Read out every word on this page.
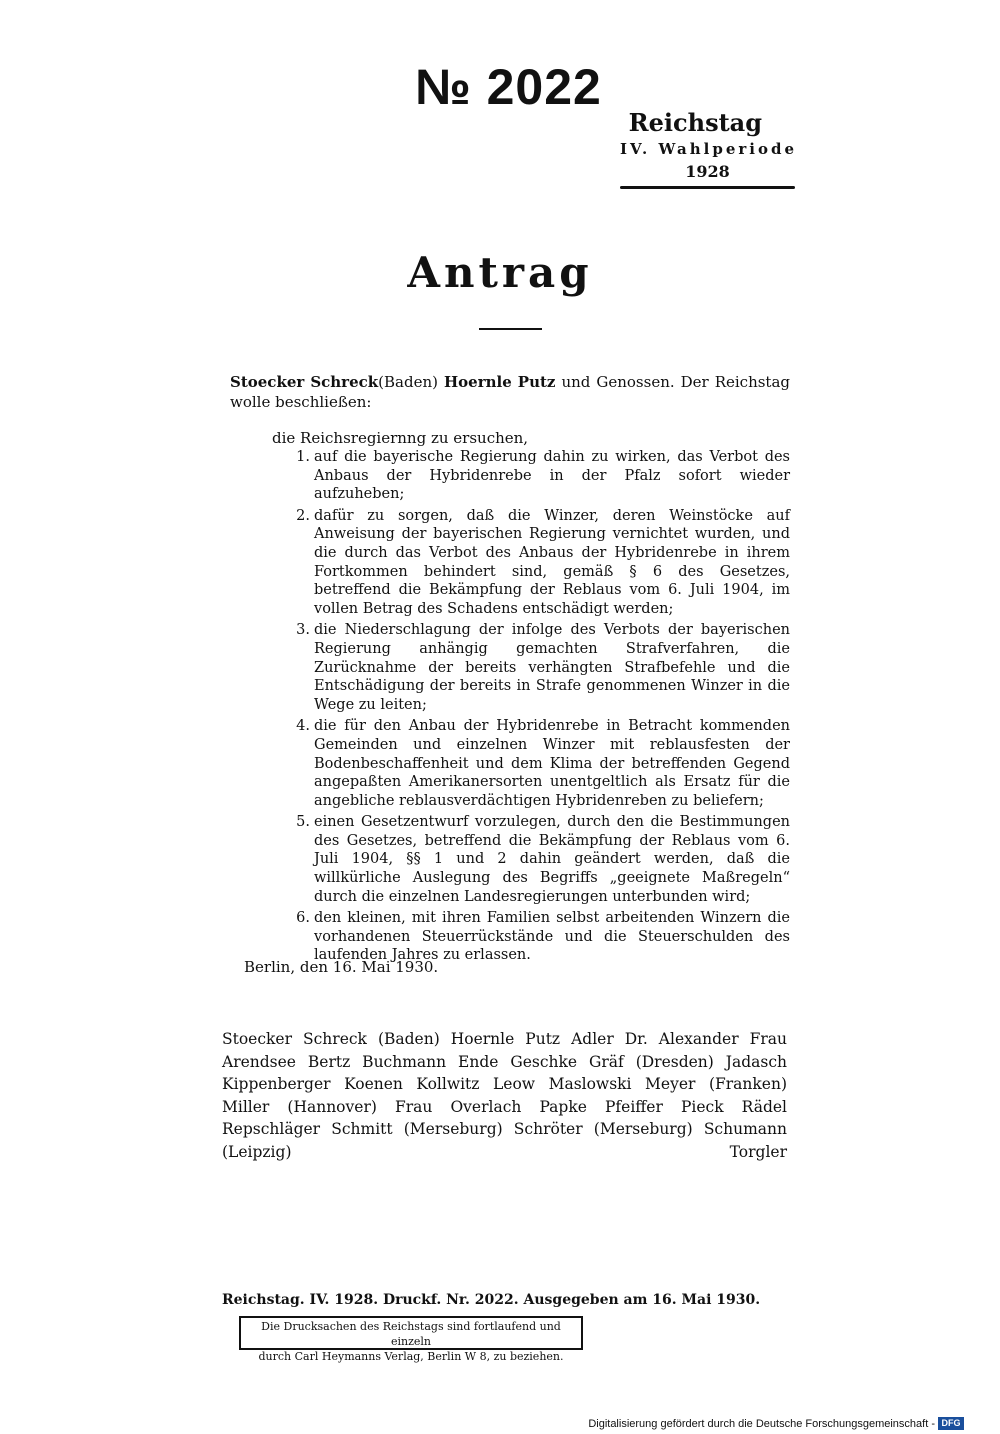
№ 2022
Reichstag
IV. Wahlperiode
1928
Antrag
Stoecker Schreck(Baden) Hoernle Putz und Genossen. Der Reichstag wolle beschließen:
die Reichsregiernng zu ersuchen,
1. auf die bayerische Regierung dahin zu wirken, das Verbot des Anbaus der Hybridenrebe in der Pfalz sofort wieder aufzuheben;
2. dafür zu sorgen, daß die Winzer, deren Weinstöcke auf Anweisung der bayerischen Regierung vernichtet wurden, und die durch das Verbot des Anbaus der Hybridenrebe in ihrem Fortkommen behindert sind, gemäß § 6 des Gesetzes, betreffend die Bekämpfung der Reblaus vom 6. Juli 1904, im vollen Betrag des Schadens entschädigt werden;
3. die Niederschlagung der infolge des Verbots der bayerischen Regierung anhängig gemachten Strafverfahren, die Zurücknahme der bereits verhängten Strafbefehle und die Entschädigung der bereits in Strafe genommenen Winzer in die Wege zu leiten;
4. die für den Anbau der Hybridenrebe in Betracht kommenden Gemeinden und einzelnen Winzer mit reblausfesten der Bodenbeschaffenheit und dem Klima der betreffenden Gegend angepaßten Amerikanersorten unentgeltlich als Ersatz für die angebliche reblausverdächtigen Hybridenreben zu beliefern;
5. einen Gesetzentwurf vorzulegen, durch den die Bestimmungen des Gesetzes, betreffend die Bekämpfung der Reblaus vom 6. Juli 1904, §§ 1 und 2 dahin geändert werden, daß die willkürliche Auslegung des Begriffs „geeignete Maßregeln“ durch die einzelnen Landesregierungen unterbunden wird;
6. den kleinen, mit ihren Familien selbst arbeitenden Winzern die vorhandenen Steuerrückstände und die Steuerschulden des laufenden Jahres zu erlassen.
Berlin, den 16. Mai 1930.
Stoecker Schreck (Baden) Hoernle Putz Adler Dr. Alexander Frau Arendsee Bertz Buchmann Ende Geschke Gräf (Dresden) Jadasch Kippenberger Koenen Kollwitz Leow Maslowski Meyer (Franken) Miller (Hannover) Frau Overlach Papke Pfeiffer Pieck Rädel Repschläger Schmitt (Merseburg) Schröter (Merseburg) Schumann (Leipzig) Torgler
Reichstag. IV. 1928. Druckf. Nr. 2022. Ausgegeben am 16. Mai 1930.
Die Drucksachen des Reichstags sind fortlaufend und einzeln
durch Carl Heymanns Verlag, Berlin W 8, zu beziehen.
Digitalisierung gefördert durch die Deutsche Forschungsgemeinschaft - DFG
